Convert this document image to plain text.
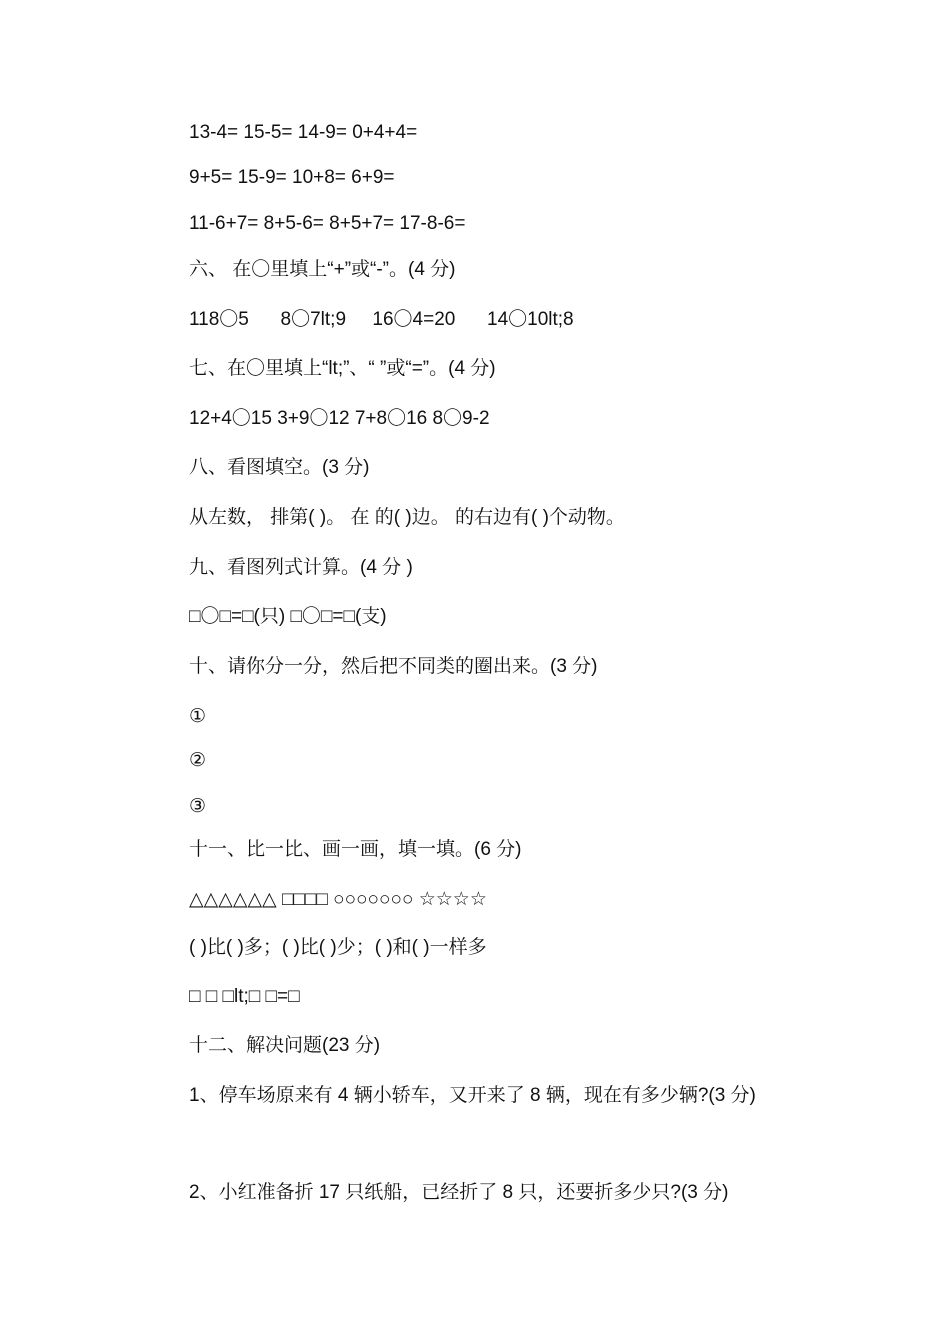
13-4= 15-5= 14-9= 0+4+4=
9+5= 15-9= 10+8= 6+9=
11-6+7= 8+5-6= 8+5+7= 17-8-6=
六、 在〇里填上“+”或“-”。(4 分)
118〇5      8〇7lt;9     16〇4=20      14〇10lt;8
七、在〇里填上“lt;”、“ ”或“=”。(4 分)
12+4〇15 3+9〇12 7+8〇16 8〇9-2
八、看图填空。(3 分)
从左数， 排第( )。 在 的( )边。 的右边有( )个动物。
九、看图列式计算。(4 分 )
□〇□=□(只) □〇□=□(支)
十、请你分一分，然后把不同类的圈出来。(3 分)
①
②
③
十一、比一比、画一画，填一填。(6 分)
△△△△△△ □□□□ ○○○○○○○ ☆☆☆☆
( )比( )多；( )比( )少；( )和( )一样多
□ □ □lt;□ □=□
十二、解决问题(23 分)
1、停车场原来有 4 辆小轿车，又开来了 8 辆，现在有多少辆?(3 分)
2、小红准备折 17 只纸船，已经折了 8 只，还要折多少只?(3 分)
